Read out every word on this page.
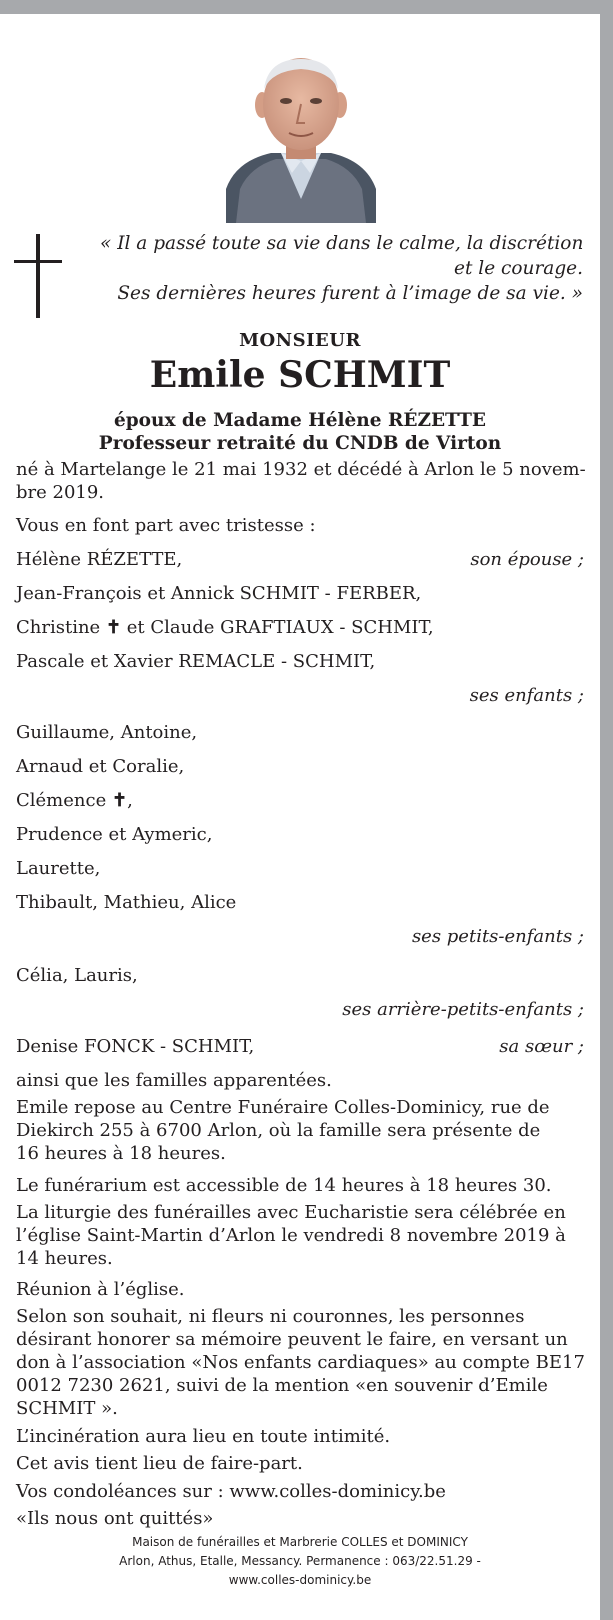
« Il a passé toute sa vie dans le calme, la discrétion
et le courage.
Ses dernières heures furent à l’image de sa vie. »
MONSIEUR
Emile SCHMIT
époux de Madame Hélène RÉZETTE
Professeur retraité du CNDB de Virton
né à Martelange le 21 mai 1932 et décédé à Arlon le 5 novem-
bre 2019.
Vous en font part avec tristesse :
Hélène RÉZETTE,	son épouse ;
Jean-François et Annick SCHMIT - FERBER,
Christine ✝ et Claude GRAFTIAUX - SCHMIT,
Pascale et Xavier REMACLE - SCHMIT,
ses enfants ;
Guillaume, Antoine,
Arnaud et Coralie,
Clémence ✝,
Prudence et Aymeric,
Laurette,
Thibault, Mathieu, Alice
ses petits-enfants ;
Célia, Lauris,
ses arrière-petits-enfants ;
Denise FONCK - SCHMIT,	sa sœur ;
ainsi que les familles apparentées.
Emile repose au Centre Funéraire Colles-Dominicy, rue de
Diekirch 255 à 6700 Arlon, où la famille sera présente de
16 heures à 18 heures.
Le funérarium est accessible de 14 heures à 18 heures 30.
La liturgie des funérailles avec Eucharistie sera célébrée en
l’église Saint-Martin d’Arlon le vendredi 8 novembre 2019 à
14 heures.
Réunion à l’église.
Selon son souhait, ni fleurs ni couronnes, les personnes
désirant honorer sa mémoire peuvent le faire, en versant un
don à l’association «Nos enfants cardiaques» au compte BE17
0012 7230 2621, suivi de la mention «en souvenir d’Emile
SCHMIT ».
L’incinération aura lieu en toute intimité.
Cet avis tient lieu de faire-part.
Vos condoléances sur : www.colles-dominicy.be
«Ils nous ont quittés»
Maison de funérailles et Marbrerie COLLES et DOMINICY
Arlon, Athus, Etalle, Messancy. Permanence : 063/22.51.29 -
www.colles-dominicy.be
